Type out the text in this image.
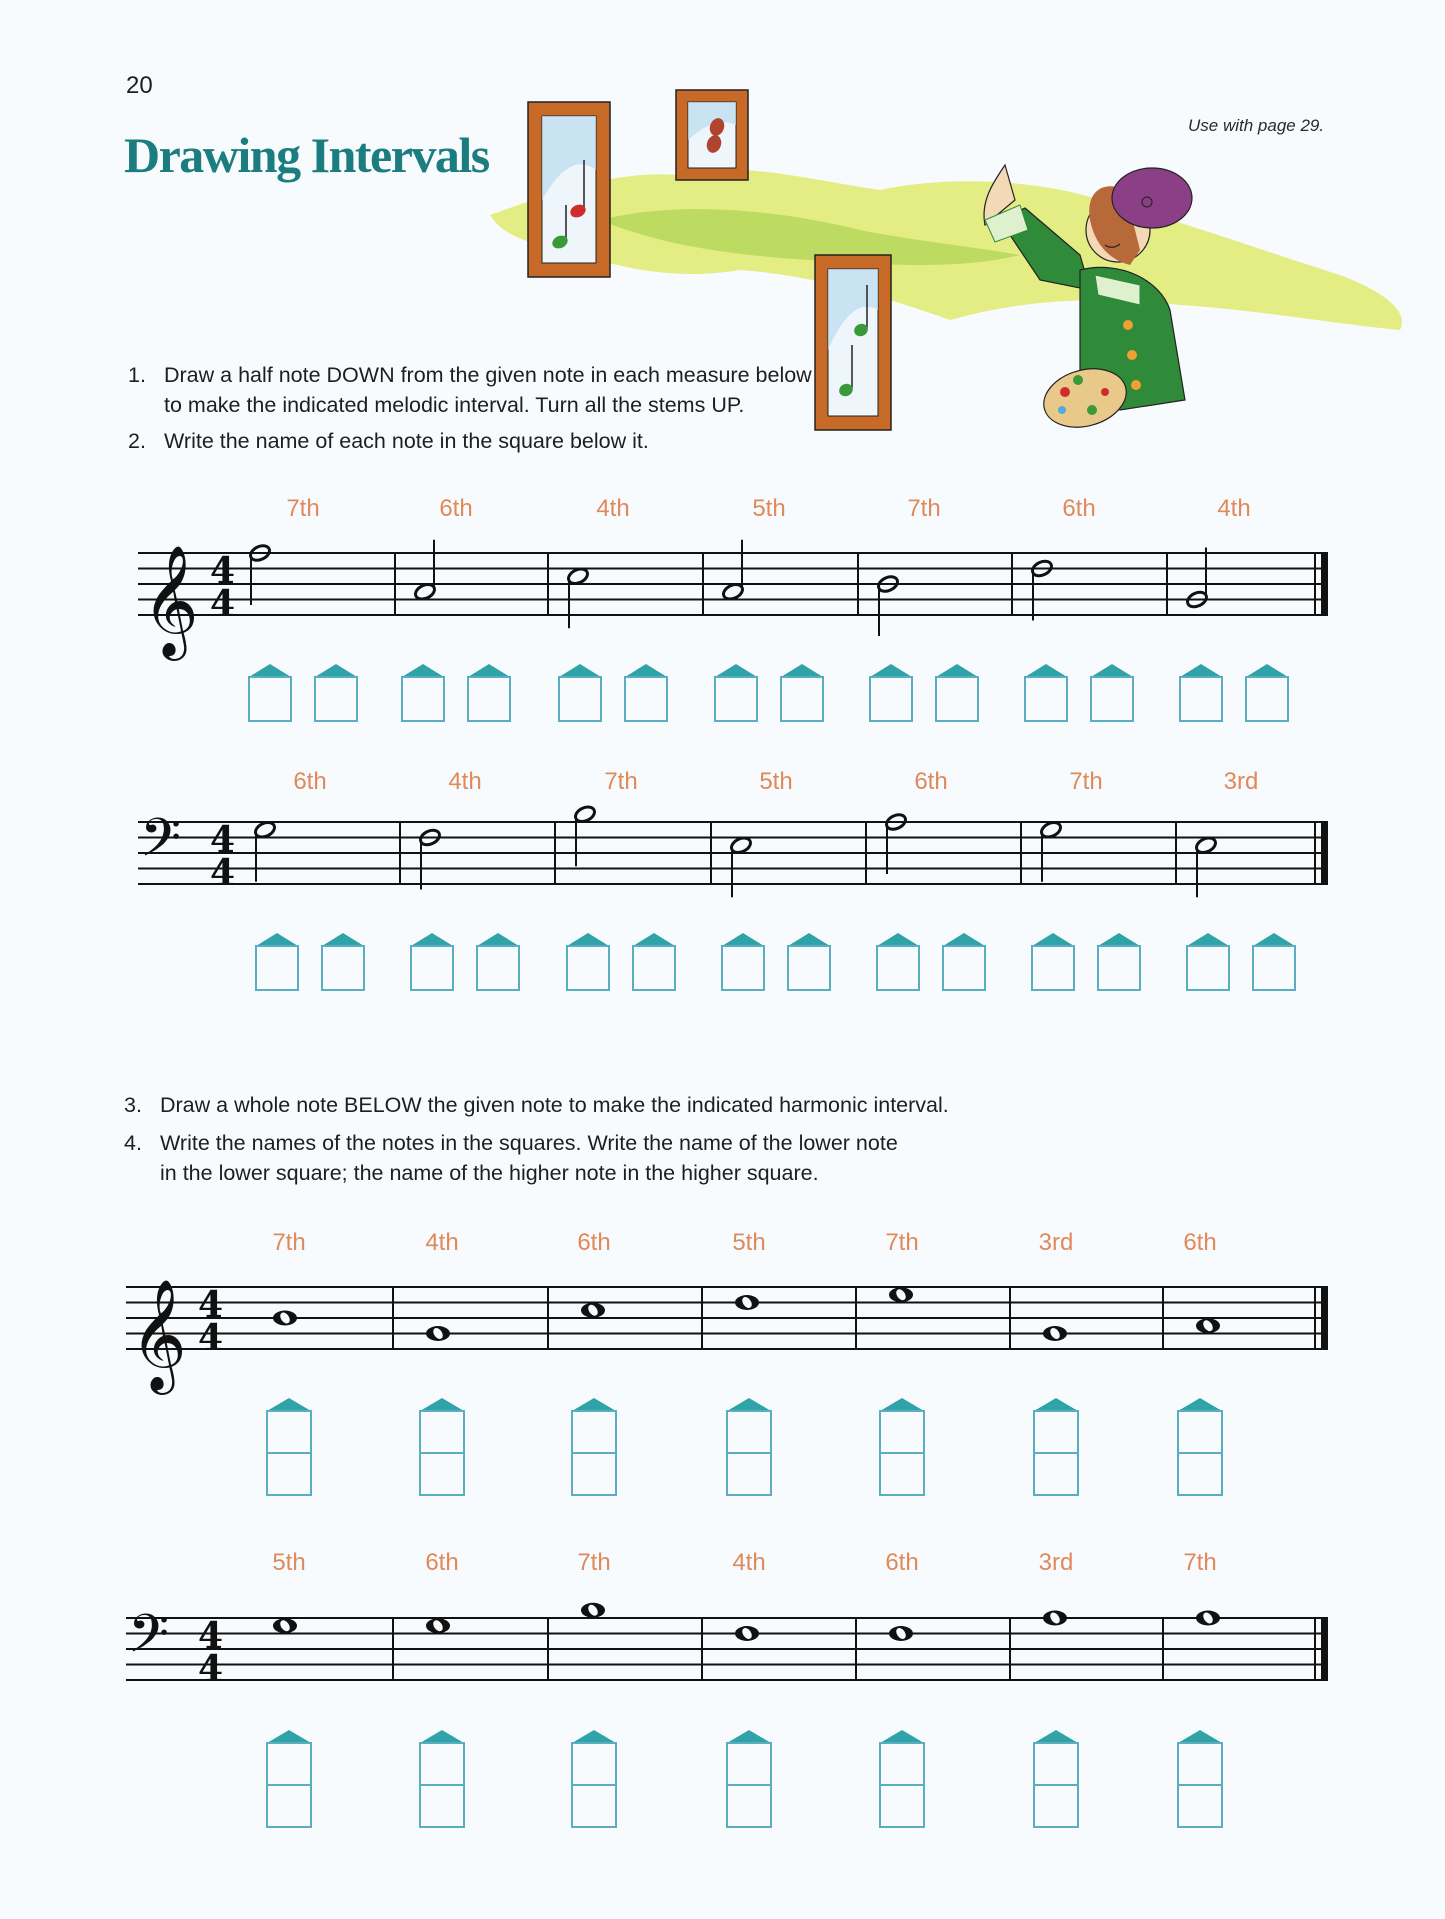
20
Drawing Intervals
Use with page 29.
1. Draw a half note DOWN from the given note in each measure below
to make the indicated melodic interval. Turn all the stems UP.
2. Write the name of each note in the square below it.
3. Draw a whole note BELOW the given note to make the indicated harmonic interval.
4. Write the names of the notes in the squares. Write the name of the lower note
in the lower square; the name of the higher note in the higher square.
𝄞 4
4
𝄢 4
4
𝄞 4
4
𝄢 4
4
7th	6th	4th	5th	7th	6th	4th
6th	4th	7th	5th	6th	7th	3rd
7th	4th	6th	5th	7th	3rd	6th
5th	6th	7th	4th	6th	3rd	7th
